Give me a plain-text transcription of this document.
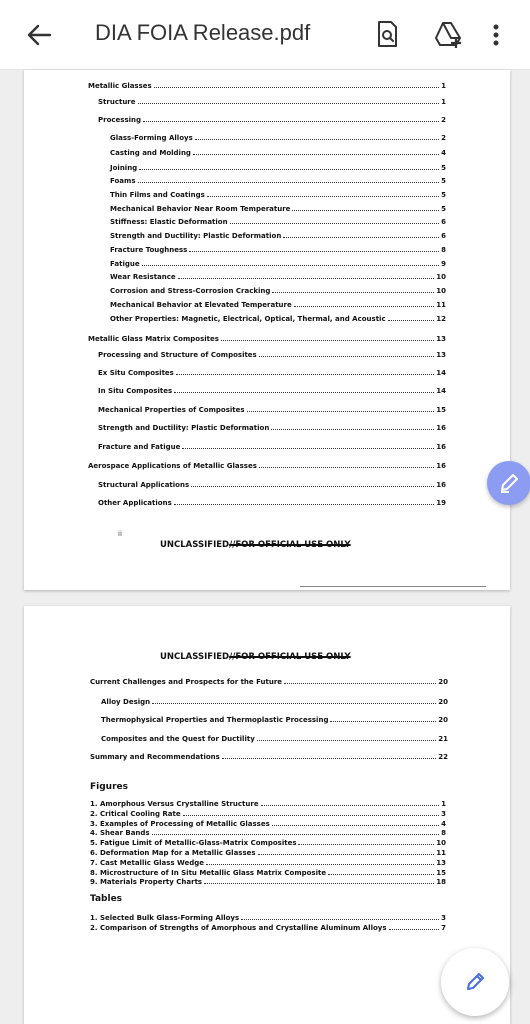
DIA FOIA Release.pdf
Metallic Glasses	1
Structure	1
Processing	2
Glass-Forming Alloys	2
Casting and Molding	4
Joining	5
Foams	5
Thin Films and Coatings	5
Mechanical Behavior Near Room Temperature	5
Stiffness: Elastic Deformation	6
Strength and Ductility: Plastic Deformation	6
Fracture Toughness	8
Fatigue	9
Wear Resistance	10
Corrosion and Stress-Corrosion Cracking	10
Mechanical Behavior at Elevated Temperature	11
Other Properties: Magnetic, Electrical, Optical, Thermal, and Acoustic	12
Metallic Glass Matrix Composites	13
Processing and Structure of Composites	13
Ex Situ Composites	14
In Situ Composites	14
Mechanical Properties of Composites	15
Strength and Ductility: Plastic Deformation	16
Fracture and Fatigue	16
Aerospace Applications of Metallic Glasses	16
Structural Applications	16
Other Applications	19
ii
UNCLASSIFIED//FOR OFFICIAL USE ONLY
UNCLASSIFIED//FOR OFFICIAL USE ONLY
Current Challenges and Prospects for the Future	20
Alloy Design	20
Thermophysical Properties and Thermoplastic Processing	20
Composites and the Quest for Ductility	21
Summary and Recommendations	22
Figures
1. Amorphous Versus Crystalline Structure	1
2. Critical Cooling Rate	3
3. Examples of Processing of Metallic Glasses	4
4. Shear Bands	8
5. Fatigue Limit of Metallic-Glass-Matrix Composites	10
6. Deformation Map for a Metallic Glasses	11
7. Cast Metallic Glass Wedge	13
8. Microstructure of In Situ Metallic Glass Matrix Composite	15
9. Materials Property Charts	18
Tables
1. Selected Bulk Glass-Forming Alloys	3
2. Comparison of Strengths of Amorphous and Crystalline Aluminum Alloys	7
